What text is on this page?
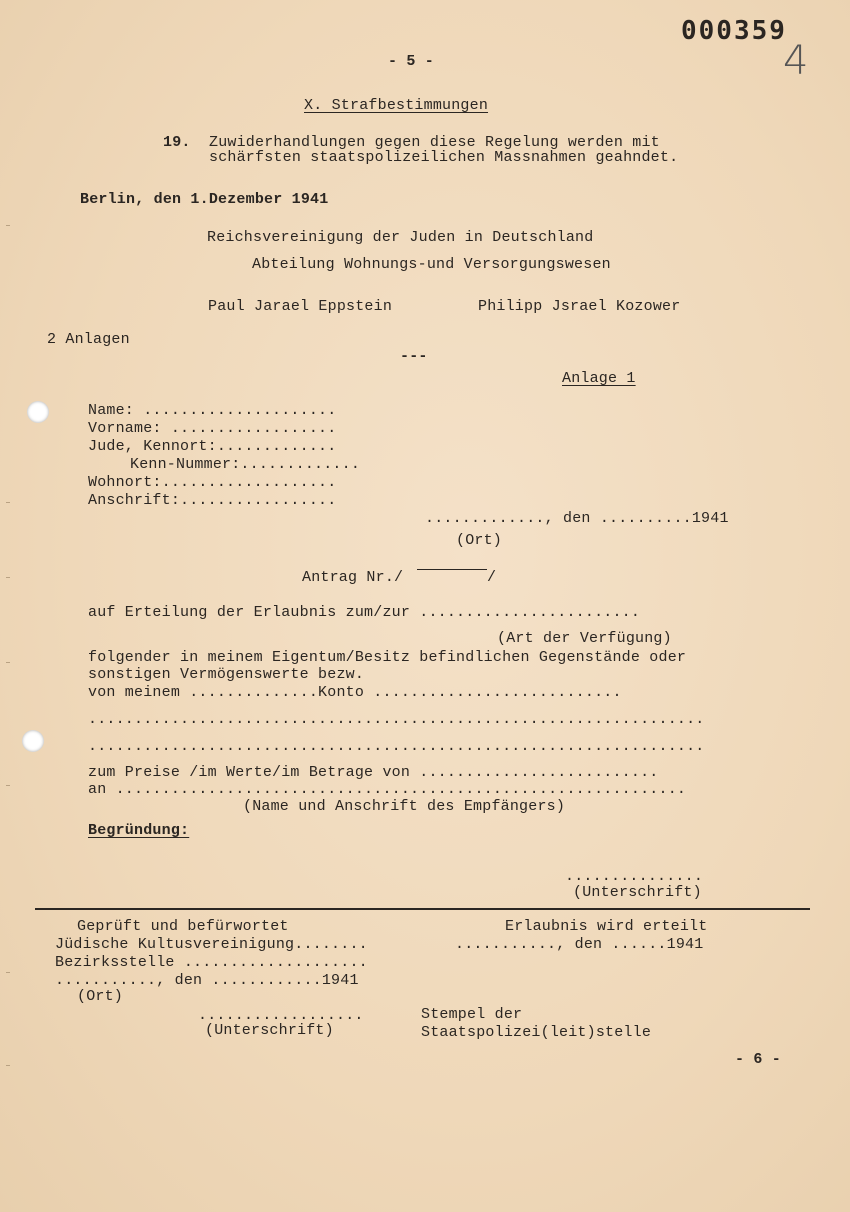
000359
4
- 5 -
X. Strafbestimmungen
19. Zuwiderhandlungen gegen diese Regelung werden mit
schärfsten staatspolizeilichen Massnahmen geahndet.
Berlin, den 1.Dezember 1941
Reichsvereinigung der Juden in Deutschland
Abteilung Wohnungs-und Versorgungswesen
Paul Jarael Eppstein	Philipp Jsrael Kozower
2 Anlagen
---
Anlage 1
Name: .....................
Vorname: ..................
Jude, Kennort:.............
Kenn-Nummer:.............
Wohnort:...................
Anschrift:.................
............., den ..........1941
(Ort)
Antrag Nr./	/
auf Erteilung der Erlaubnis zum/zur ........................
(Art der Verfügung)
folgender in meinem Eigentum/Besitz befindlichen Gegenstände oder
sonstigen Vermögenswerte bezw.
von meinem ..............Konto ...........................
...................................................................
...................................................................
zum Preise /im Werte/im Betrage von ..........................
an ..............................................................
(Name und Anschrift des Empfängers)
Begründung:
...............
(Unterschrift)
Geprüft und befürwortet
Jüdische Kultusvereinigung........
Bezirksstelle ....................
..........., den ............1941
(Ort)
Erlaubnis wird erteilt
..........., den ......1941
..................
(Unterschrift)
Stempel der
Staatspolizei(leit)stelle
- 6 -
